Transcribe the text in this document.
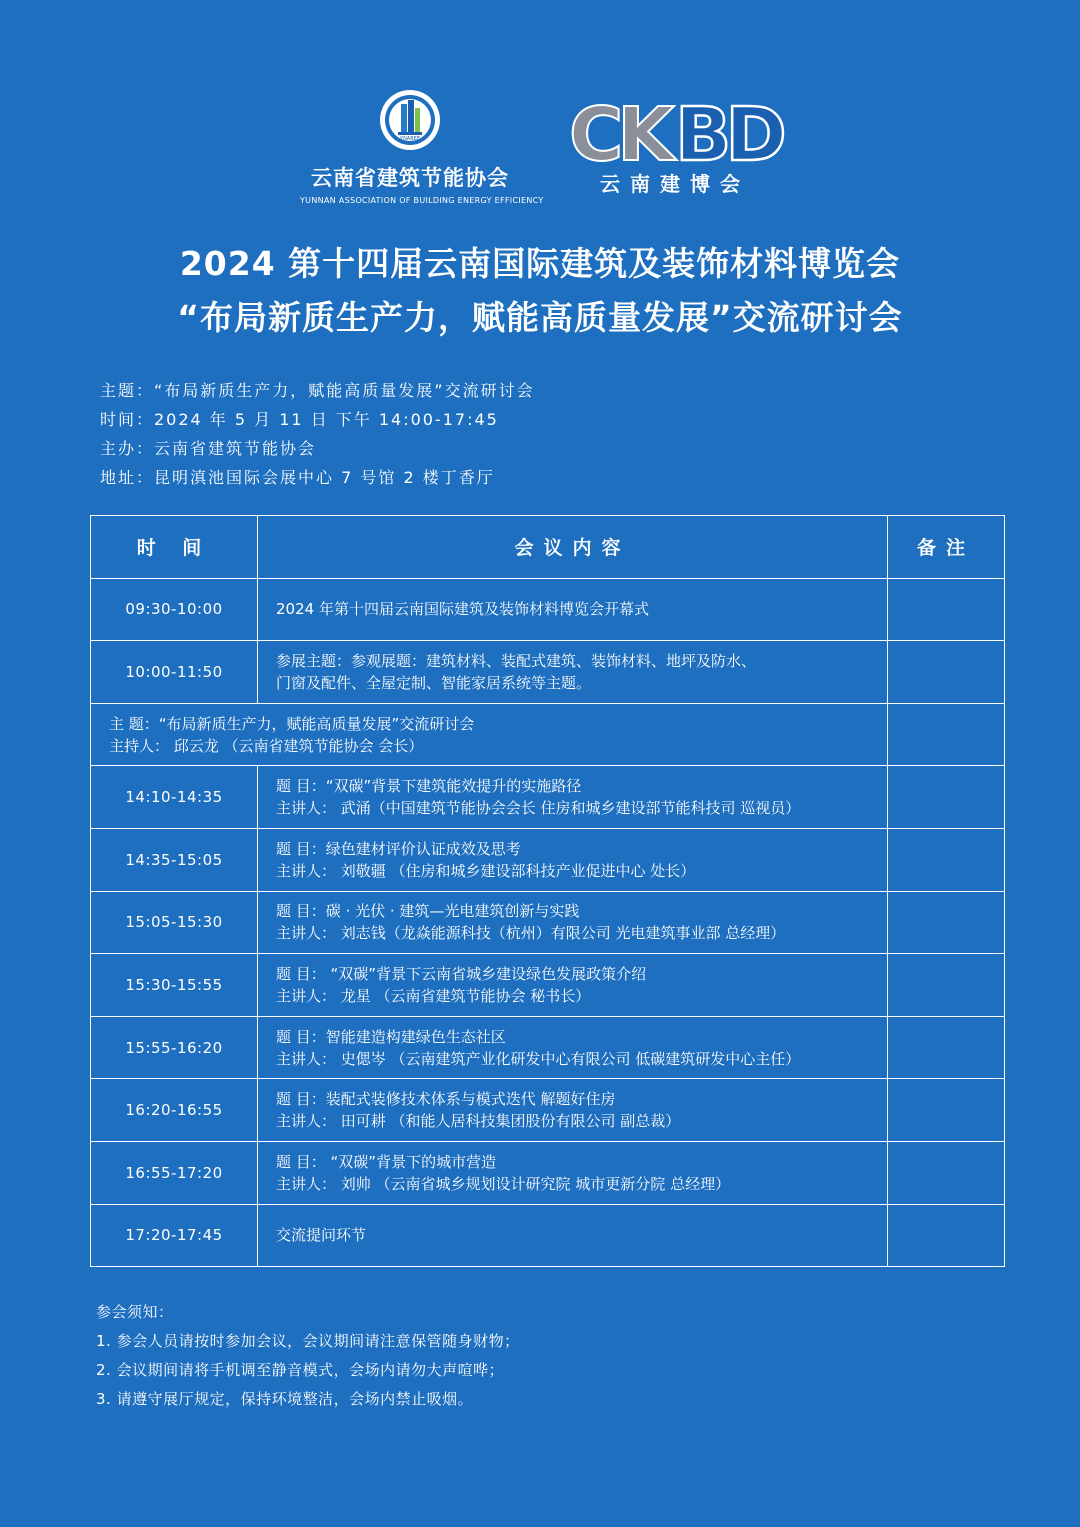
YNABEE
云南省建筑节能协会
YUNNAN ASSOCIATION OF BUILDING ENERGY EFFICIENCY
CK BD
云南建博会
2024 第十四届云南国际建筑及装饰材料博览会
“布局新质生产力，赋能高质量发展”交流研讨会
主题：“布局新质生产力，赋能高质量发展”交流研讨会
时间：2024 年 5 月 11 日 下午 14:00-17:45
主办：云南省建筑节能协会
地址：昆明滇池国际会展中心 7 号馆 2 楼丁香厅
时 间	会议内容	备注
09:30-10:00	2024 年第十四届云南国际建筑及装饰材料博览会开幕式	

10:00-11:50	参展主题：参观展题：建筑材料、装配式建筑、装饰材料、地坪及防水、
门窗及配件、全屋定制、智能家居系统等主题。	

主 题：“布局新质生产力，赋能高质量发展”交流研讨会
主持人： 邱云龙 （云南省建筑节能协会 会长）		

14:10-14:35	题 目：“双碳”背景下建筑能效提升的实施路径
主讲人： 武涌（中国建筑节能协会会长 住房和城乡建设部节能科技司 巡视员）	

14:35-15:05	题 目：绿色建材评价认证成效及思考
主讲人： 刘敬疆 （住房和城乡建设部科技产业促进中心 处长）	

15:05-15:30	题 目：碳 · 光伏 · 建筑—光电建筑创新与实践
主讲人： 刘志钱（龙焱能源科技（杭州）有限公司 光电建筑事业部 总经理）	

15:30-15:55	题 目： “双碳”背景下云南省城乡建设绿色发展政策介绍
主讲人： 龙星 （云南省建筑节能协会 秘书长）	

15:55-16:20	题 目：智能建造构建绿色生态社区
主讲人： 史偲岑 （云南建筑产业化研发中心有限公司 低碳建筑研发中心主任）	

16:20-16:55	题 目：装配式装修技术体系与模式迭代 解题好住房
主讲人： 田可耕 （和能人居科技集团股份有限公司 副总裁）	

16:55-17:20	题 目： “双碳”背景下的城市营造
主讲人： 刘帅 （云南省城乡规划设计研究院 城市更新分院 总经理）	

17:20-17:45	交流提问环节	

参会须知：
1. 参会人员请按时参加会议，会议期间请注意保管随身财物；
2. 会议期间请将手机调至静音模式，会场内请勿大声喧哗；
3. 请遵守展厅规定，保持环境整洁，会场内禁止吸烟。
